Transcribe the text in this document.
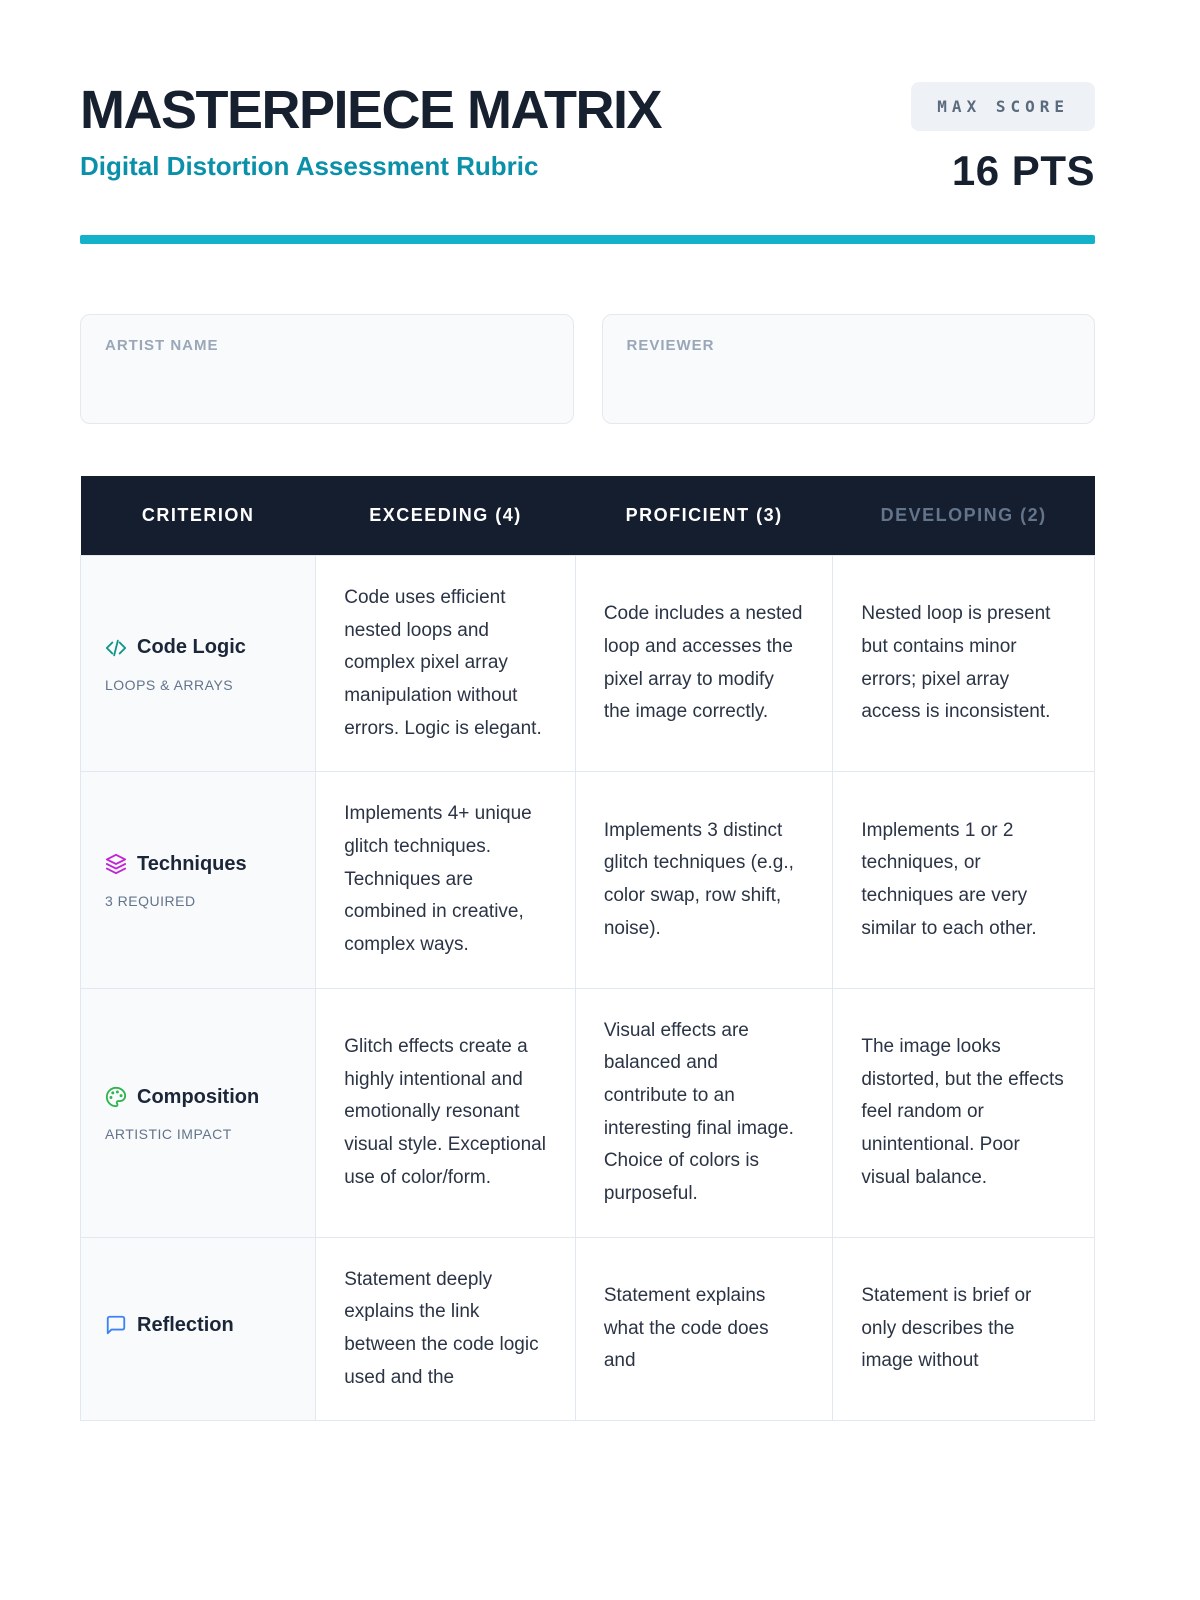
MASTERPIECE MATRIX
Digital Distortion Assessment Rubric
MAX SCORE
16 PTS
ARTIST NAME	REVIEWER
CRITERION	EXCEEDING (4)	PROFICIENT (3)	DEVELOPING (2)

Code Logic
LOOPS & ARRAYS	Code uses efficient nested loops and complex pixel array manipulation without errors. Logic is elegant.	Code includes a nested loop and accesses the pixel array to modify the image correctly.	Nested loop is present but contains minor errors; pixel array access is inconsistent.

Techniques
3 REQUIRED	Implements 4+ unique glitch techniques. Techniques are combined in creative, complex ways.	Implements 3 distinct glitch techniques (e.g., color swap, row shift, noise).	Implements 1 or 2 techniques, or techniques are very similar to each other.

Composition
ARTISTIC IMPACT	Glitch effects create a highly intentional and emotionally resonant visual style. Exceptional use of color/form.	Visual effects are balanced and contribute to an interesting final image. Choice of colors is purposeful.	The image looks distorted, but the effects feel random or unintentional. Poor visual balance.

Reflection	Statement deeply explains the link between the code logic used and the	Statement explains what the code does and	Statement is brief or only describes the image without
